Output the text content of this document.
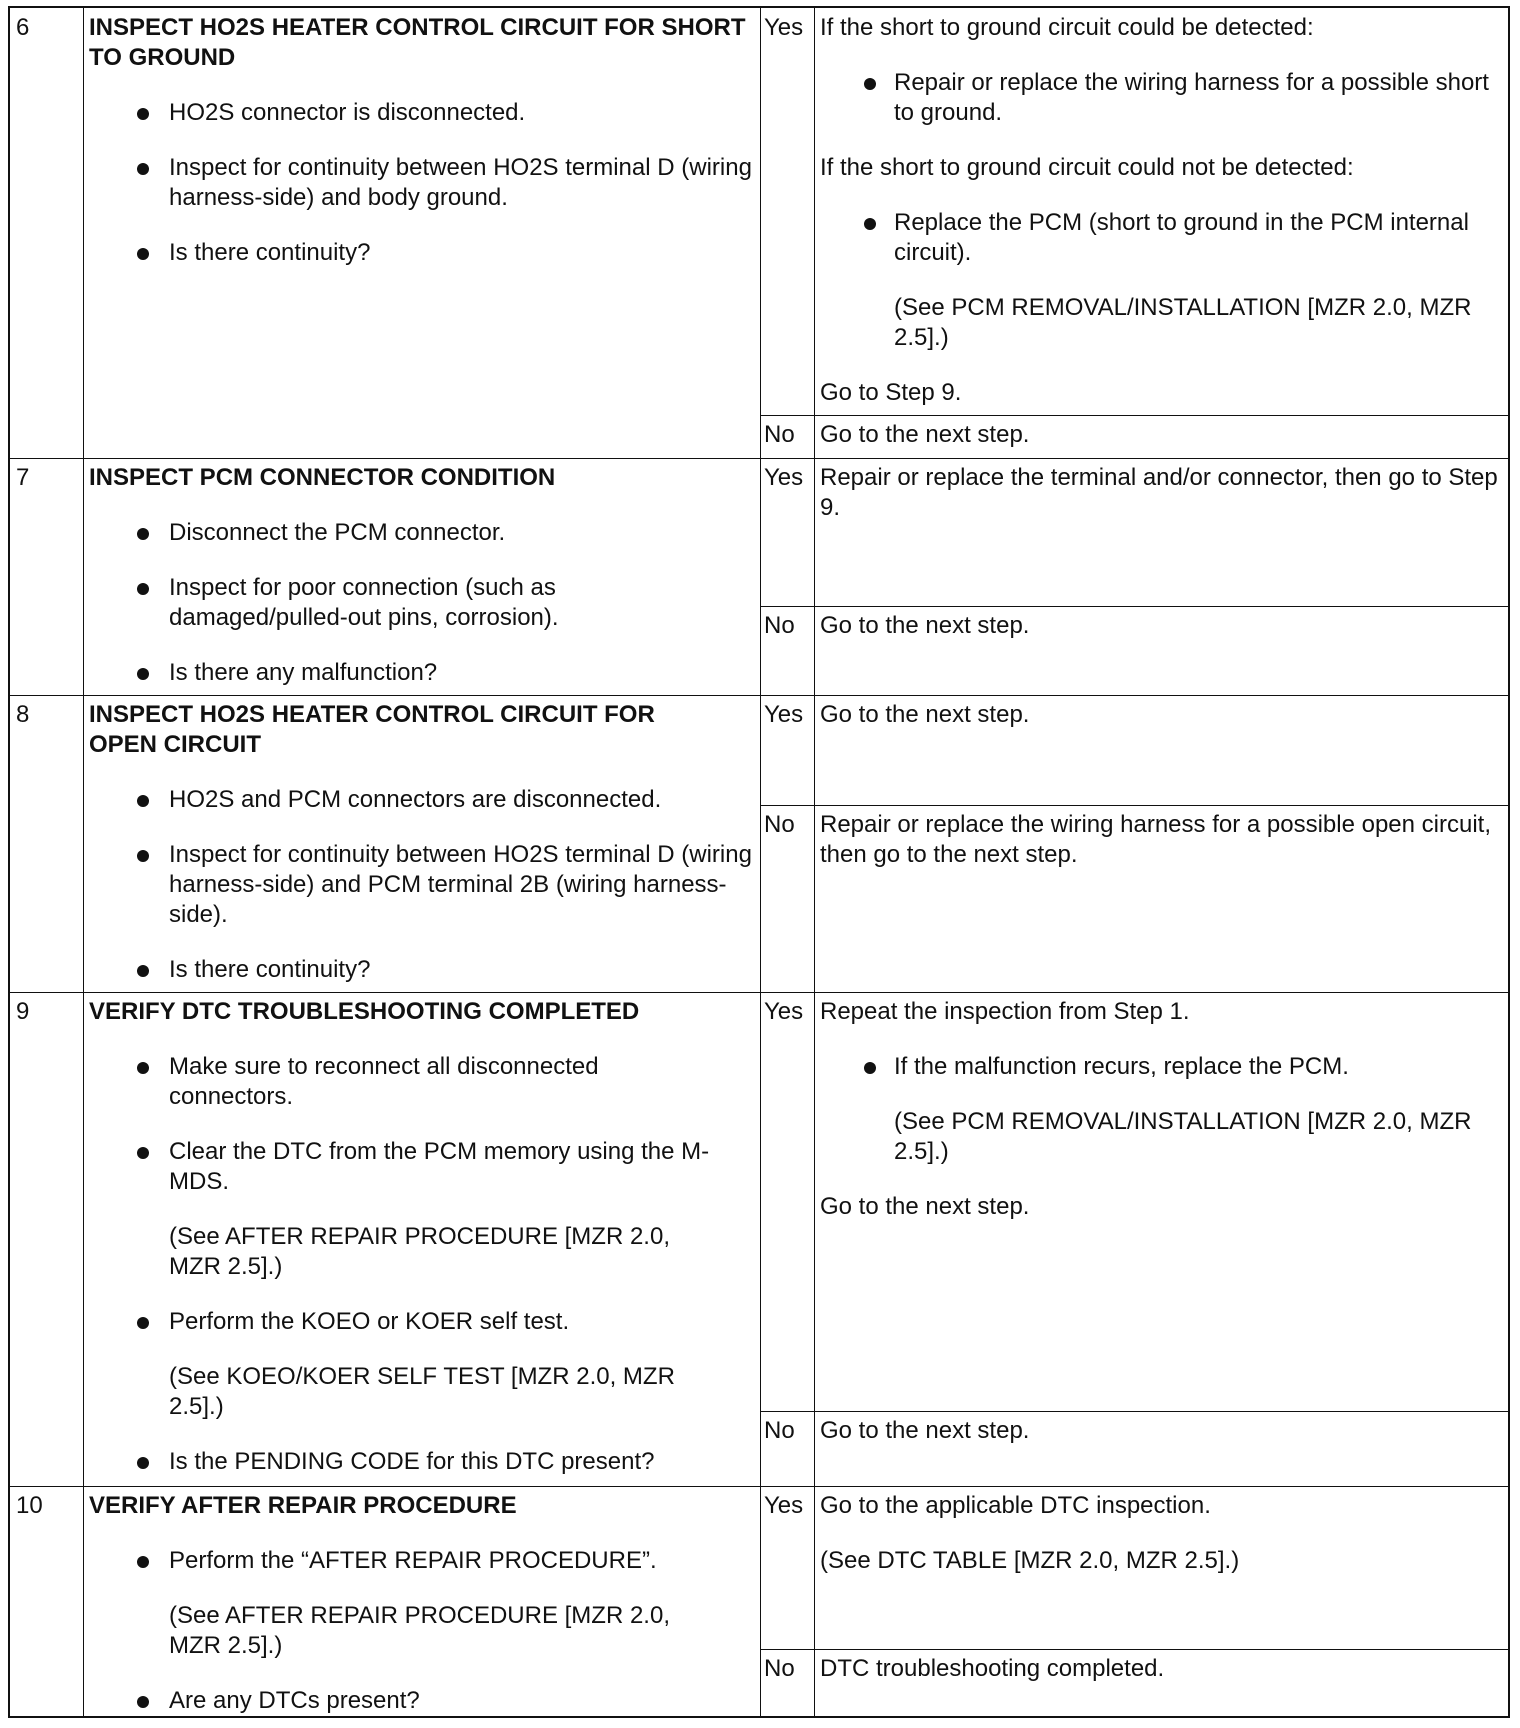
6	INSPECT HO2S HEATER CONTROL CIRCUIT FOR SHORT TO GROUND
HO2S connector is disconnected.
Inspect for continuity between HO2S terminal D (wiring harness-side) and body ground.
Is there continuity?
Yes If the short to ground circuit could be detected:
Repair or replace the wiring harness for a possible short to ground.
If the short to ground circuit could not be detected:
Replace the PCM (short to ground in the PCM internal circuit).
(See PCM REMOVAL/INSTALLATION [MZR 2.0, MZR 2.5].)
Go to Step 9.
No	Go to the next step.
7	INSPECT PCM CONNECTOR CONDITION
Disconnect the PCM connector.
Inspect for poor connection (such as damaged/pulled-out pins, corrosion).
Is there any malfunction?
Yes Repair or replace the terminal and/or connector, then go to Step 9.
No	Go to the next step.
8	INSPECT HO2S HEATER CONTROL CIRCUIT FOR OPEN CIRCUIT
HO2S and PCM connectors are disconnected.
Inspect for continuity between HO2S terminal D (wiring harness-side) and PCM terminal 2B (wiring harness-side).
Is there continuity?
Yes Go to the next step.
No	Repair or replace the wiring harness for a possible open circuit, then go to the next step.
9	VERIFY DTC TROUBLESHOOTING COMPLETED
Make sure to reconnect all disconnected connectors.
Clear the DTC from the PCM memory using the M-MDS.
(See AFTER REPAIR PROCEDURE [MZR 2.0, MZR 2.5].)
Perform the KOEO or KOER self test.
(See KOEO/KOER SELF TEST [MZR 2.0, MZR 2.5].)
Is the PENDING CODE for this DTC present?
Yes Repeat the inspection from Step 1.
If the malfunction recurs, replace the PCM.
(See PCM REMOVAL/INSTALLATION [MZR 2.0, MZR 2.5].)
Go to the next step.
No	Go to the next step.
10	VERIFY AFTER REPAIR PROCEDURE
Perform the “AFTER REPAIR PROCEDURE”.
(See AFTER REPAIR PROCEDURE [MZR 2.0, MZR 2.5].)
Are any DTCs present?
Yes Go to the applicable DTC inspection.
(See DTC TABLE [MZR 2.0, MZR 2.5].)
No	DTC troubleshooting completed.
